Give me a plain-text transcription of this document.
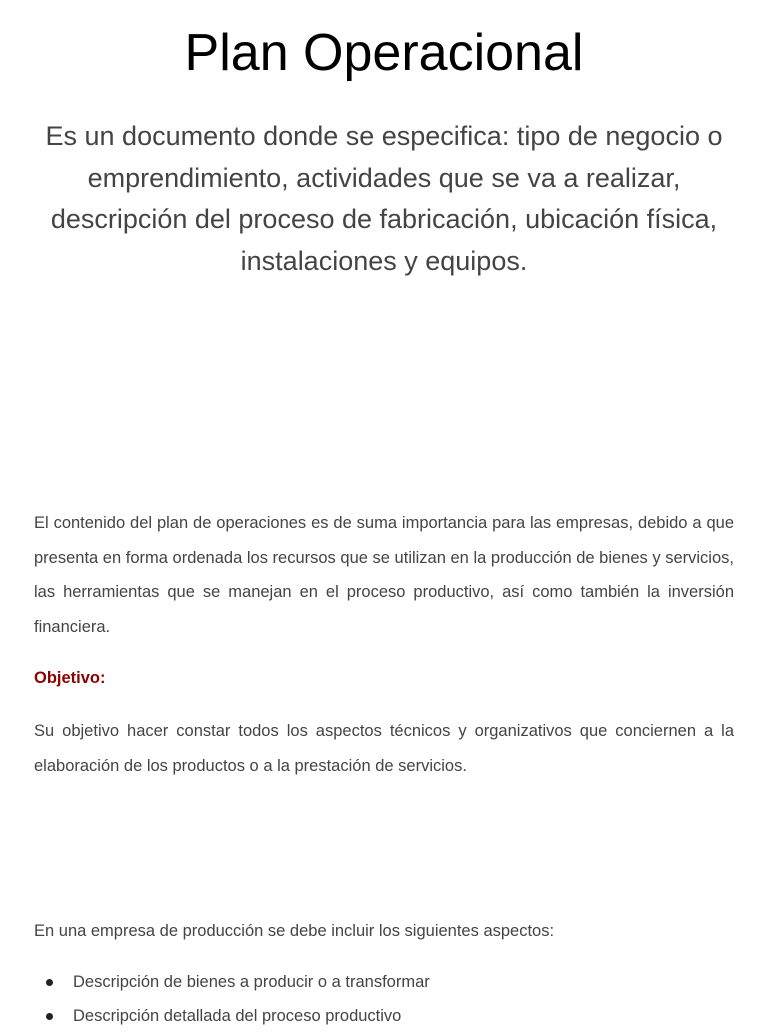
Plan Operacional

Es un documento donde se especifica: tipo de negocio o emprendimiento, actividades que se va a realizar, descripción del proceso de fabricación, ubicación física, instalaciones y equipos.

El contenido del plan de operaciones es de suma importancia para las empresas, debido a que presenta en forma ordenada los recursos que se utilizan en la producción de bienes y servicios, las herramientas que se manejan en el proceso productivo, así como también la inversión financiera.

Objetivo:

Su objetivo hacer constar todos los aspectos técnicos y organizativos que conciernen a la elaboración de los productos o a la prestación de servicios.

En una empresa de producción se debe incluir los siguientes aspectos:

Descripción de bienes a producir o a transformar
Descripción detallada del proceso productivo
